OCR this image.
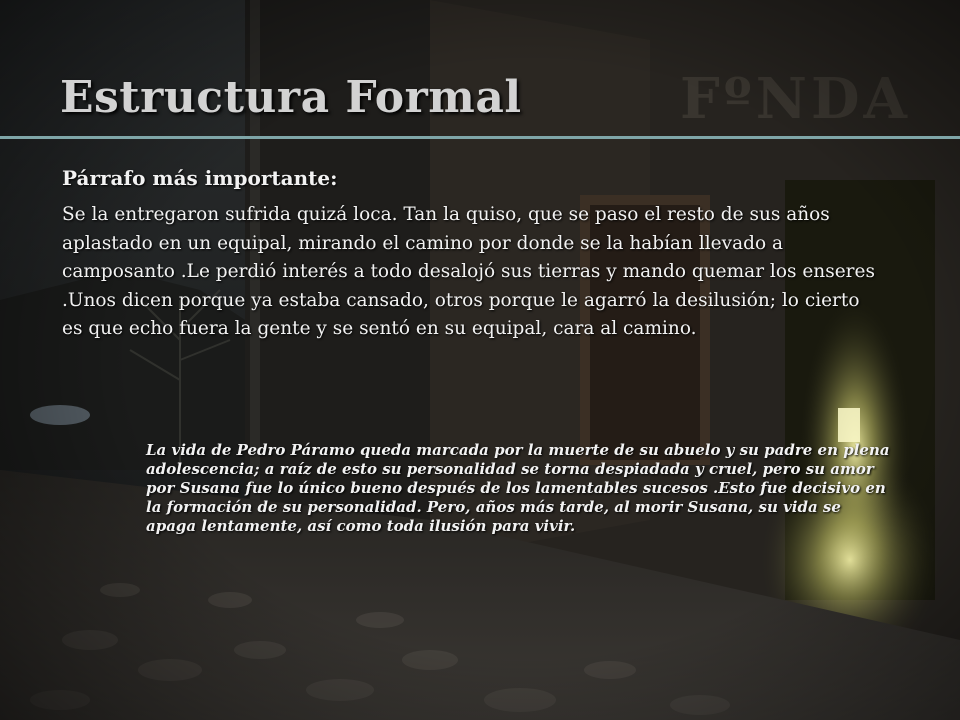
Estructura Formal

Párrafo más importante:

Se la entregaron sufrida quizá loca. Tan la quiso, que se paso el resto de sus años aplastado en un equipal, mirando el camino por donde se la habían llevado a camposanto .Le perdió interés a todo desalojó sus tierras y mando quemar los enseres .Unos dicen porque ya estaba cansado, otros porque le agarró la desilusión; lo cierto es que echo fuera la gente y se sentó en su equipal, cara al camino.

La vida de Pedro Páramo queda marcada por la muerte de su abuelo y su padre en plena adolescencia; a raíz de esto su personalidad se torna despiadada y cruel, pero su amor por Susana fue lo único bueno después de los lamentables sucesos .Esto fue decisivo en la formación de su personalidad. Pero, años más tarde, al morir Susana, su vida se apaga lentamente, así como toda ilusión para vivir.
